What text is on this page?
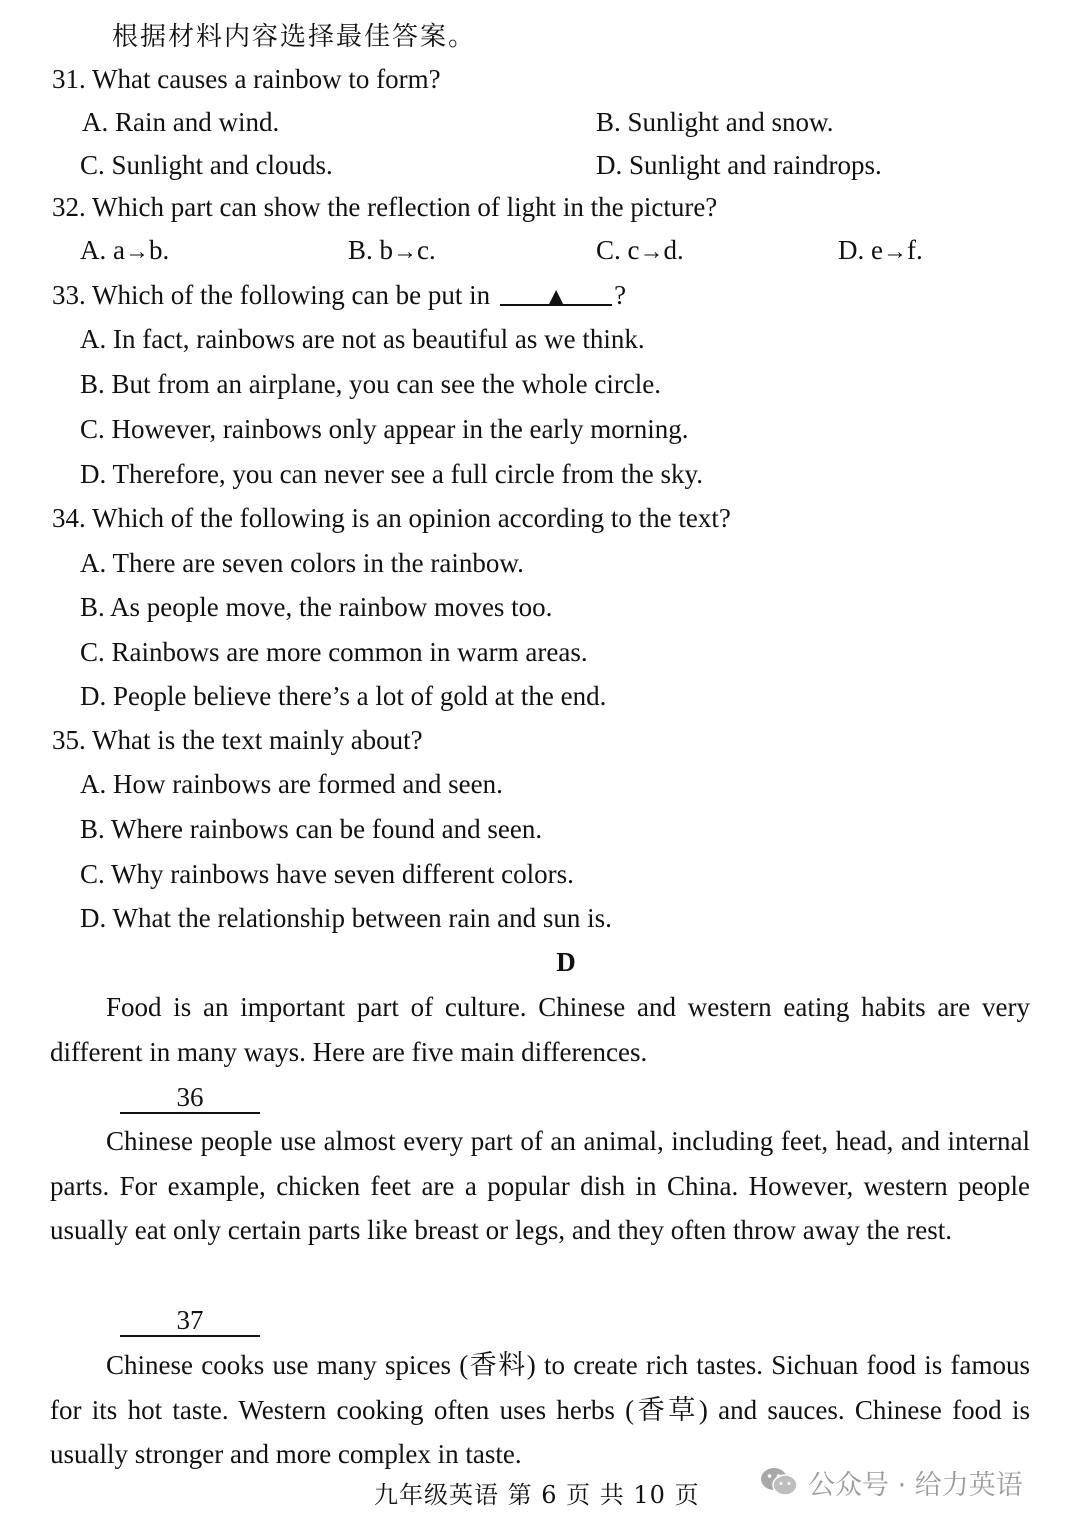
根据材料内容选择最佳答案。
31. What causes a rainbow to form?
A. Rain and wind.	B. Sunlight and snow.
C. Sunlight and clouds.	D. Sunlight and raindrops.
32. Which part can show the reflection of light in the picture?
A. a→b.	B. b→c.	C. c→d.	D. e→f.
33. Which of the following can be put in ▲ ?
A. In fact, rainbows are not as beautiful as we think.
B. But from an airplane, you can see the whole circle.
C. However, rainbows only appear in the early morning.
D. Therefore, you can never see a full circle from the sky.
34. Which of the following is an opinion according to the text?
A. There are seven colors in the rainbow.
B. As people move, the rainbow moves too.
C. Rainbows are more common in warm areas.
D. People believe there’s a lot of gold at the end.
35. What is the text mainly about?
A. How rainbows are formed and seen.
B. Where rainbows can be found and seen.
C. Why rainbows have seven different colors.
D. What the relationship between rain and sun is.
D
Food is an important part of culture. Chinese and western eating habits are very different in many ways. Here are five main differences.
36
Chinese people use almost every part of an animal, including feet, head, and internal parts. For example, chicken feet are a popular dish in China. However, western people usually eat only certain parts like breast or legs, and they often throw away the rest.
37
Chinese cooks use many spices (香料) to create rich tastes. Sichuan food is famous for its hot taste. Western cooking often uses herbs (香草) and sauces. Chinese food is usually stronger and more complex in taste.
九年级英语 第 6 页 共 10 页	公众号 · 给力英语
